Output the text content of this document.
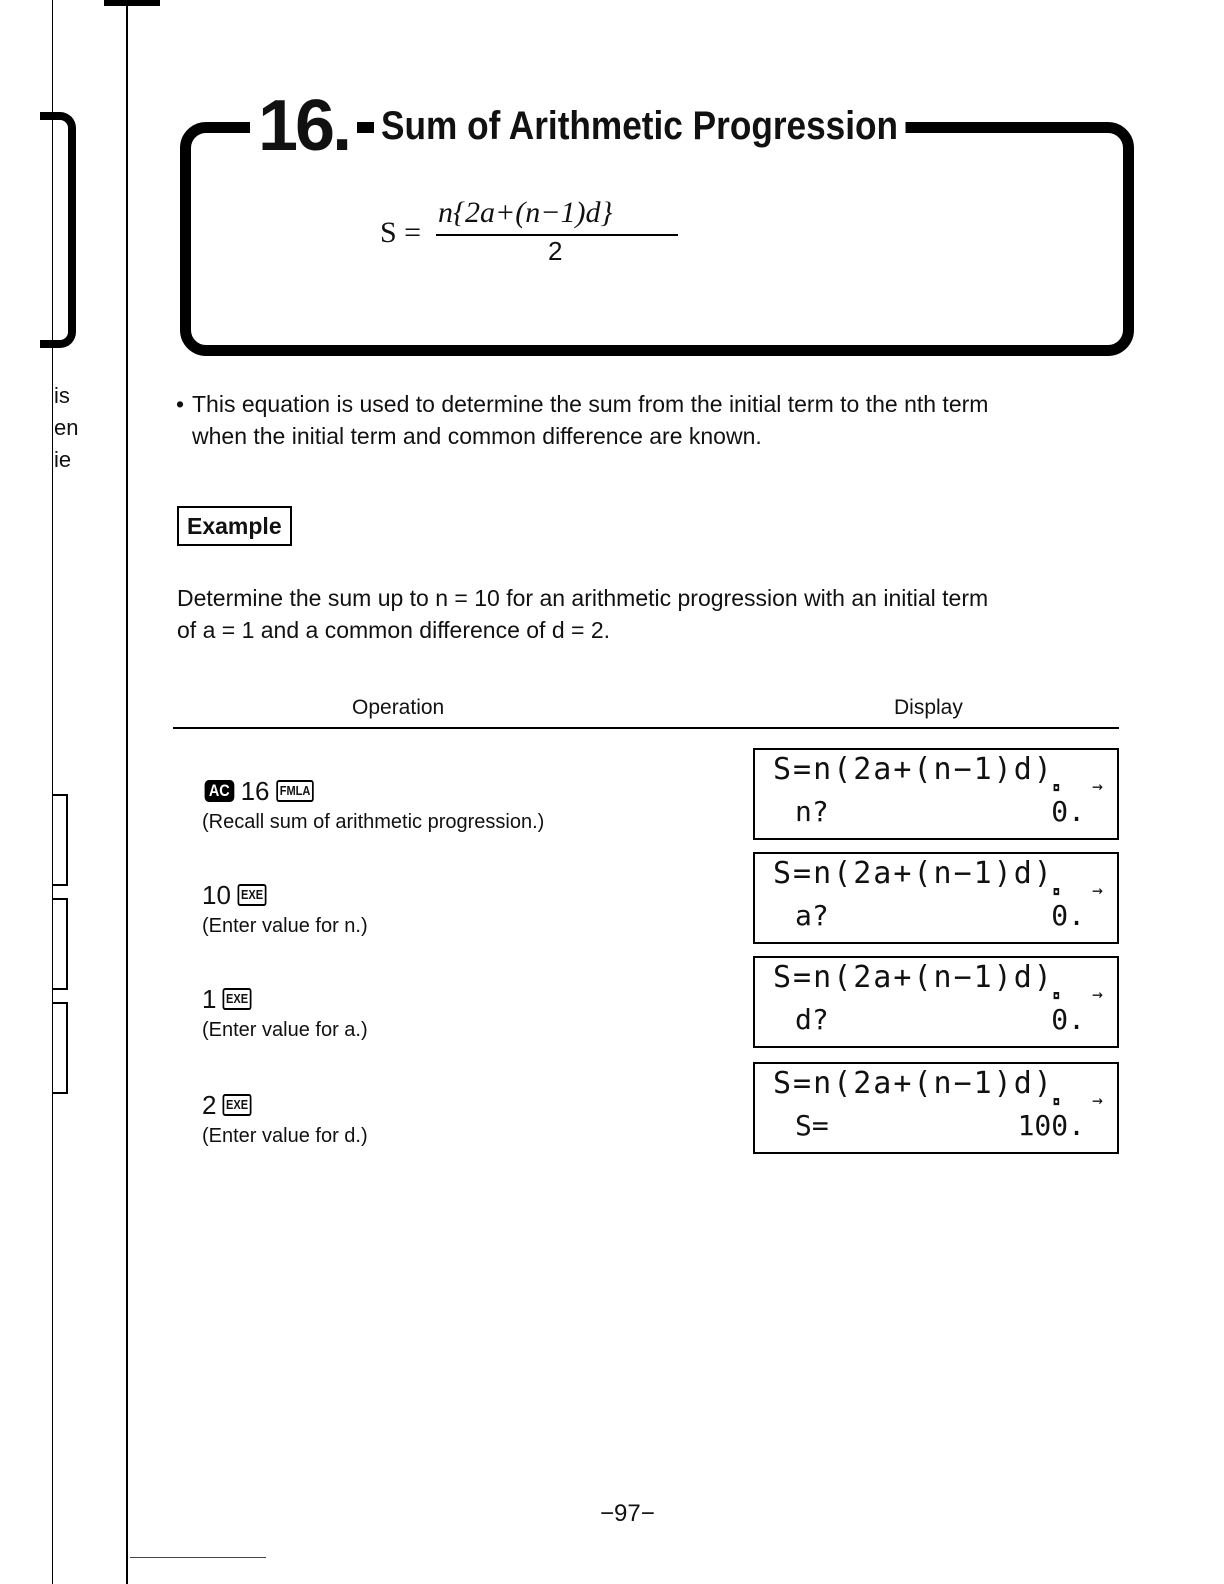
is
en
ie
16. Sum of Arithmetic Progression
S =
n{2a+(n−1)d}
2
• This equation is used to determine the sum from the initial term to the nth term
when the initial term and common difference are known.
Example
Determine the sum up to n = 10 for an arithmetic progression with an initial term
of a = 1 and a common difference of d = 2.
Operation	Display
AC 16 FMLA
(Recall sum of arithmetic progression.)
S=n(2a+(n−1)d)
◘ →
n?	0.
10 EXE
(Enter value for n.)
S=n(2a+(n−1)d)
◘ →
a?	0.
1 EXE
(Enter value for a.)
S=n(2a+(n−1)d)
◘ →
d?	0.
2 EXE
(Enter value for d.)
S=n(2a+(n−1)d)
◘ →
S=	100.
−97−
